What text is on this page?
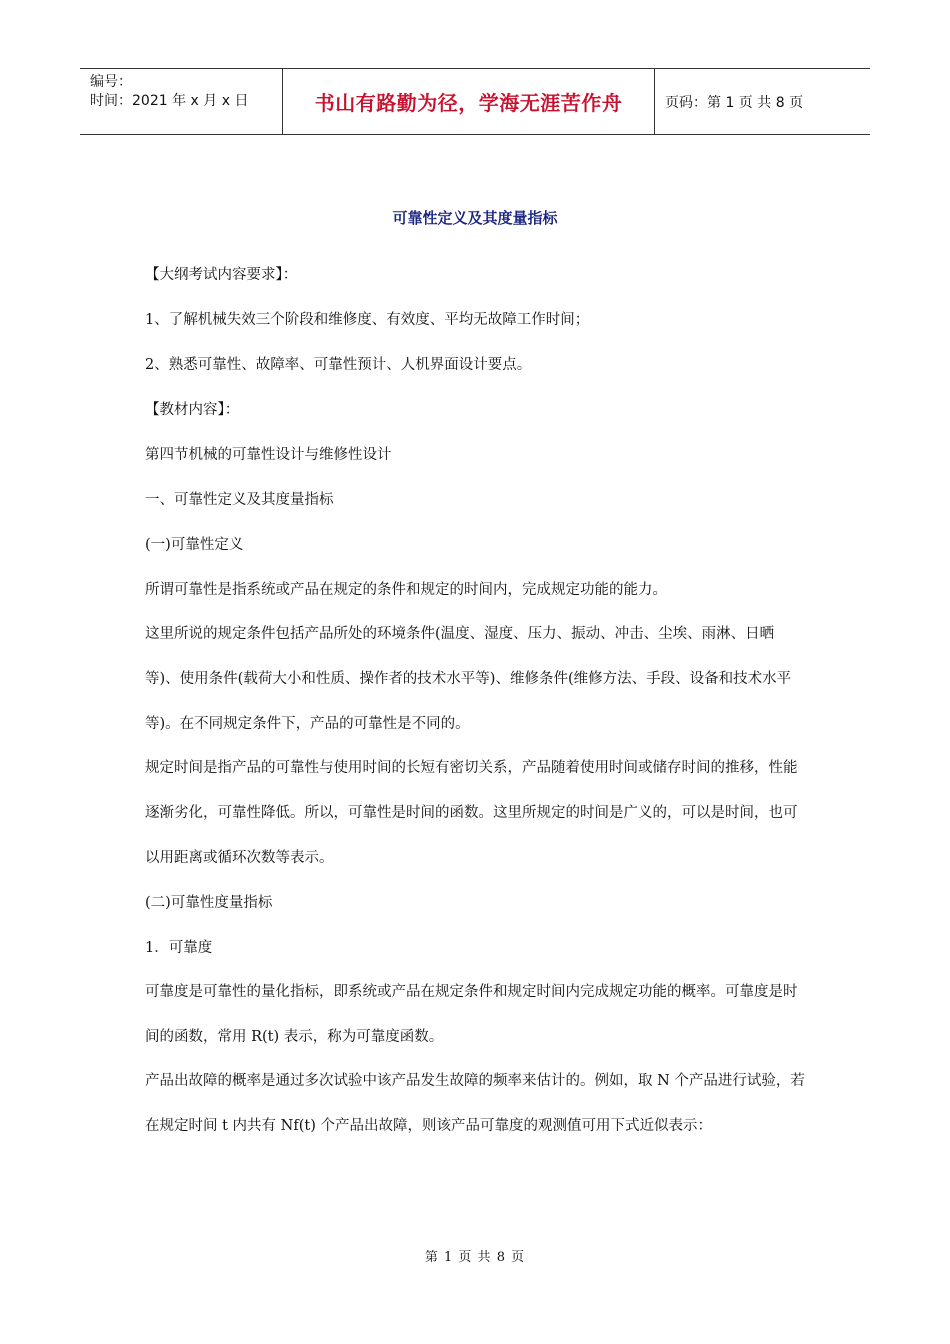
编号：
时间：2021 年 x 月 x 日	书山有路勤为径，学海无涯苦作舟	页码：第 1 页 共 8 页
可靠性定义及其度量指标

【大纲考试内容要求】：

1、了解机械失效三个阶段和维修度、有效度、平均无故障工作时间；

2、熟悉可靠性、故障率、可靠性预计、人机界面设计要点。

【教材内容】：

第四节机械的可靠性设计与维修性设计

一、可靠性定义及其度量指标

(一)可靠性定义

所谓可靠性是指系统或产品在规定的条件和规定的时间内，完成规定功能的能力。

这里所说的规定条件包括产品所处的环境条件(温度、湿度、压力、振动、冲击、尘埃、雨淋、日晒等)、使用条件(载荷大小和性质、操作者的技术水平等)、维修条件(维修方法、手段、设备和技术水平等)。在不同规定条件下，产品的可靠性是不同的。

规定时间是指产品的可靠性与使用时间的长短有密切关系，产品随着使用时间或储存时间的推移，性能逐渐劣化，可靠性降低。所以，可靠性是时间的函数。这里所规定的时间是广义的，可以是时间，也可以用距离或循环次数等表示。

(二)可靠性度量指标

1．可靠度

可靠度是可靠性的量化指标，即系统或产品在规定条件和规定时间内完成规定功能的概率。可靠度是时间的函数，常用 R(t) 表示，称为可靠度函数。

产品出故障的概率是通过多次试验中该产品发生故障的频率来估计的。例如，取 N 个产品进行试验，若在规定时间 t 内共有 Nf(t) 个产品出故障，则该产品可靠度的观测值可用下式近似表示：

第 1 页 共 8 页
